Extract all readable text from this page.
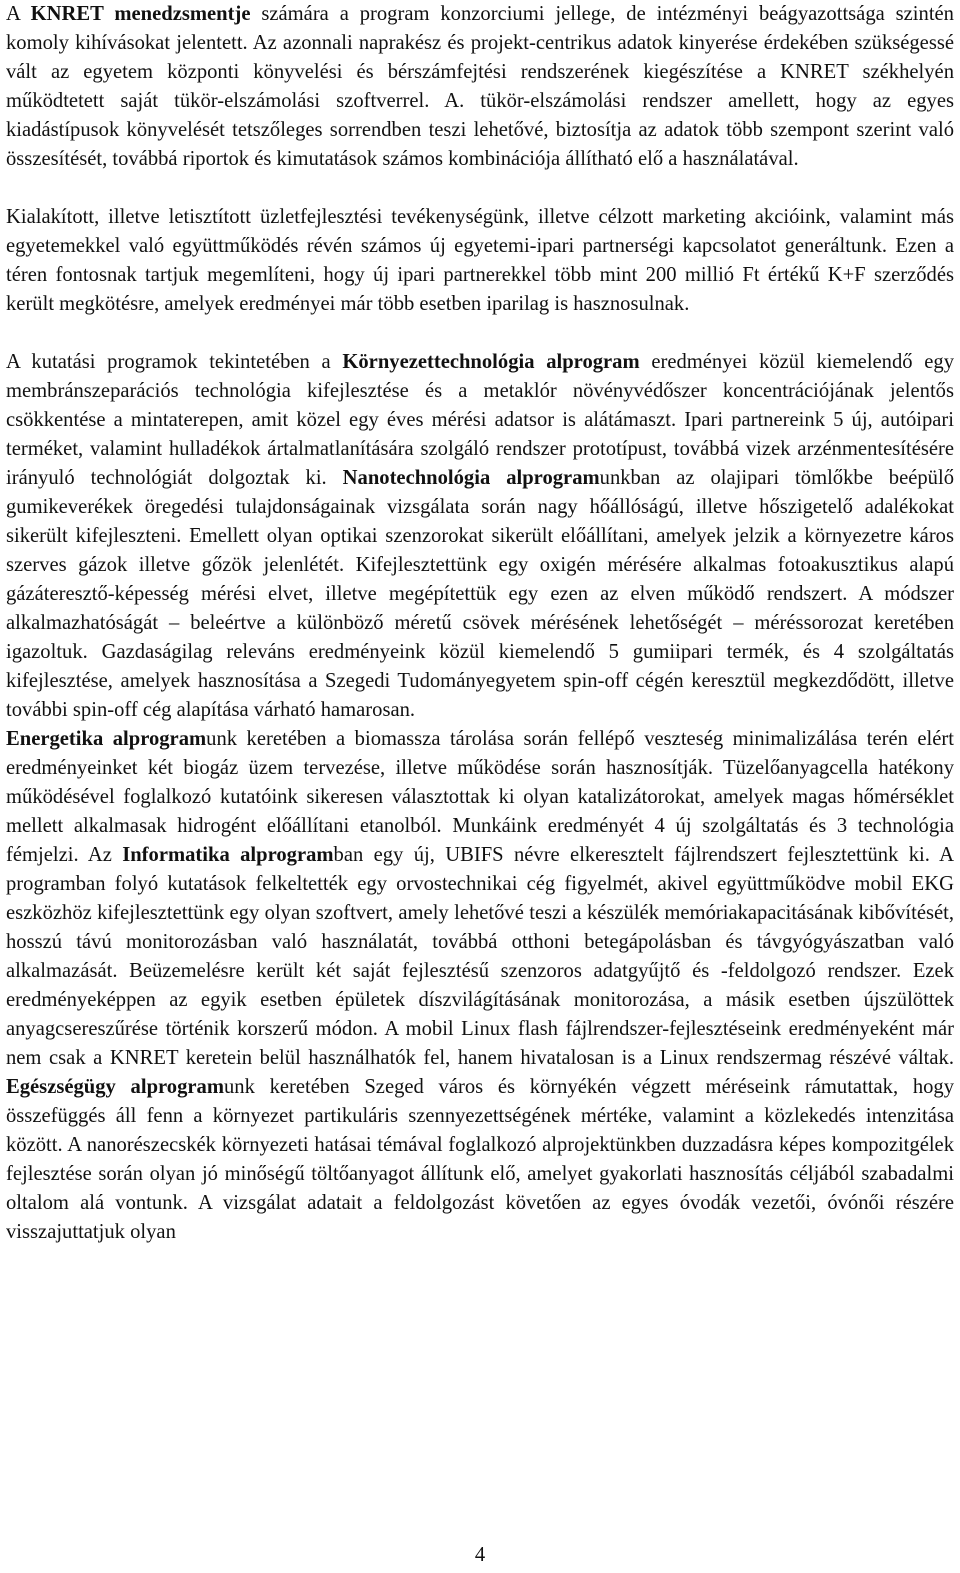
A KNRET menedzsmentje számára a program konzorciumi jellege, de intézményi beágyazottsága szintén komoly kihívásokat jelentett. Az azonnali naprakész és projekt-centrikus adatok kinyerése érdekében szükségessé vált az egyetem központi könyvelési és bérszámfejtési rendszerének kiegészítése a KNRET székhelyén működtetett saját tükör-elszámolási szoftverrel. A. tükör-elszámolási rendszer amellett, hogy az egyes kiadástípusok könyvelését tetszőleges sorrendben teszi lehetővé, biztosítja az adatok több szempont szerint való összesítését, továbbá riportok és kimutatások számos kombinációja állítható elő a használatával.

Kialakított, illetve letisztított üzletfejlesztési tevékenységünk, illetve célzott marketing akcióink, valamint más egyetemekkel való együttműködés révén számos új egyetemi-ipari partnerségi kapcsolatot generáltunk. Ezen a téren fontosnak tartjuk megemlíteni, hogy új ipari partnerekkel több mint 200 millió Ft értékű K+F szerződés került megkötésre, amelyek eredményei már több esetben iparilag is hasznosulnak.

A kutatási programok tekintetében a Környezettechnológia alprogram eredményei közül kiemelendő egy membránszeparációs technológia kifejlesztése és a metaklór növényvédőszer koncentrációjának jelentős csökkentése a mintaterepen, amit közel egy éves mérési adatsor is alátámaszt. Ipari partnereink 5 új, autóipari terméket, valamint hulladékok ártalmatlanítására szolgáló rendszer prototípust, továbbá vizek arzénmentesítésére irányuló technológiát dolgoztak ki. Nanotechnológia alprogramunkban az olajipari tömlőkbe beépülő gumikeverékek öregedési tulajdonságainak vizsgálata során nagy hőállóságú, illetve hőszigetelő adalékokat sikerült kifejleszteni. Emellett olyan optikai szenzorokat sikerült előállítani, amelyek jelzik a környezetre káros szerves gázok illetve gőzök jelenlétét. Kifejlesztettünk egy oxigén mérésére alkalmas fotoakusztikus alapú gázáteresztő-képesség mérési elvet, illetve megépítettük egy ezen az elven működő rendszert. A módszer alkalmazhatóságát – beleértve a különböző méretű csövek mérésének lehetőségét – méréssorozat keretében igazoltuk. Gazdaságilag releváns eredményeink közül kiemelendő 5 gumiipari termék, és 4 szolgáltatás kifejlesztése, amelyek hasznosítása a Szegedi Tudományegyetem spin-off cégén keresztül megkezdődött, illetve további spin-off cég alapítása várható hamarosan.

Energetika alprogramunk keretében a biomassza tárolása során fellépő veszteség minimalizálása terén elért eredményeinket két biogáz üzem tervezése, illetve működése során hasznosítják. Tüzelőanyagcella hatékony működésével foglalkozó kutatóink sikeresen választottak ki olyan katalizátorokat, amelyek magas hőmérséklet mellett alkalmasak hidrogént előállítani etanolból. Munkáink eredményét 4 új szolgáltatás és 3 technológia fémjelzi. Az Informatika alprogramban egy új, UBIFS névre elkeresztelt fájlrendszert fejlesztettünk ki. A programban folyó kutatások felkeltették egy orvostechnikai cég figyelmét, akivel együttműködve mobil EKG eszközhöz kifejlesztettünk egy olyan szoftvert, amely lehetővé teszi a készülék memóriakapacitásának kibővítését, hosszú távú monitorozásban való használatát, továbbá otthoni betegápolásban és távgyógyászatban való alkalmazását. Beüzemelésre került két saját fejlesztésű szenzoros adatgyűjtő és -feldolgozó rendszer. Ezek eredményeképpen az egyik esetben épületek díszvilágításának monitorozása, a másik esetben újszülöttek anyagcsereszűrése történik korszerű módon. A mobil Linux flash fájlrendszer-fejlesztéseink eredményeként már nem csak a KNRET keretein belül használhatók fel, hanem hivatalosan is a Linux rendszermag részévé váltak. Egészségügy alprogramunk keretében Szeged város és környékén végzett méréseink rámutattak, hogy összefüggés áll fenn a környezet partikuláris szennyezettségének mértéke, valamint a közlekedés intenzitása között. A nanorészecskék környezeti hatásai témával foglalkozó alprojektünkben duzzadásra képes kompozitgélek fejlesztése során olyan jó minőségű töltőanyagot állítunk elő, amelyet gyakorlati hasznosítás céljából szabadalmi oltalom alá vontunk. A vizsgálat adatait a feldolgozást követően az egyes óvodák vezetői, óvónői részére visszajuttatjuk olyan

4
